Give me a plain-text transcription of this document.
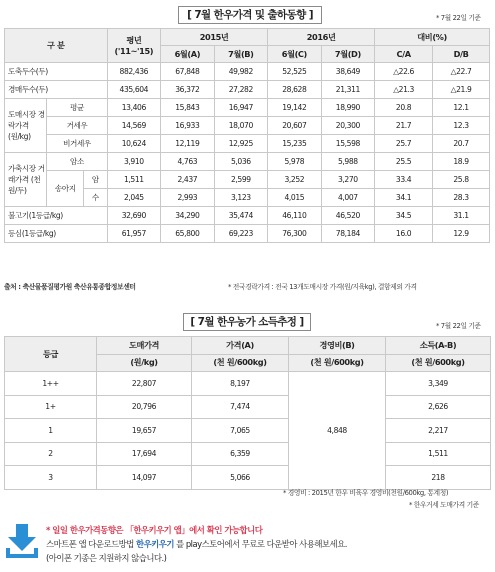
[ 7월 한우가격 및 출하동향 ]	* 7월 22일 기준
구 분			평년
('11~'15)	2015년		2016년		대비(%)	
				6월(A)	7월(B)	6월(C)	7월(D)	C/A	D/B
도축두수(두)			882,436	67,848	49,982	52,525	38,649	△22.6	△22.7
경매두수(두)			435,604	36,372	27,282	28,628	21,311	△21.3	△21.9
도매시장 경락가격 (원/kg)	평균		13,406	15,843	16,947	19,142	18,990	20.8	12.1
	거세우		14,569	16,933	18,070	20,607	20,300	21.7	12.3
	비거세우		10,624	12,119	12,925	15,235	15,598	25.7	20.7
가축시장 거래가격 (천 원/두)	암소		3,910	4,763	5,036	5,978	5,988	25.5	18.9
	송아지	암	1,511	2,437	2,599	3,252	3,270	33.4	25.8
		수	2,045	2,993	3,123	4,015	4,007	34.1	28.3
불고기(1등급/kg)			32,690	34,290	35,474	46,110	46,520	34.5	31.1
등심(1등급/kg)			61,957	65,800	69,223	76,300	78,184	16.0	12.9
출처 : 축산물품질평가원 축산유통종합정보센터	* 전국경락가격 : 전국 13개도매시장 가격(원/지육kg), 결함제외 가격
[ 7월 한우농가 소득추정 ]	* 7월 22일 기준
등급	도매가격	가격(A)	경영비(B)	소득(A-B)
	(원/kg)	(천 원/600kg)	(천 원/600kg)	(천 원/600kg)
1++	22,807	8,197	4,848	3,349
1+	20,796	7,474		2,626
1	19,657	7,065		2,217
2	17,694	6,359		1,511
3	14,097	5,066		218
* 경영비 : 2015년 한우 비육우 경영비(천원/600kg, 통계청)
* 한우거세 도매가격 기준
* 일일 한우가격동향은 「한우키우기 앱」에서 확인 가능합니다
스마트폰 앱 다운로드방법 한우키우기 를 play스토어에서 무료로 다운받아 사용해보세요.
(아이폰 기종은 지원하지 않습니다.)
